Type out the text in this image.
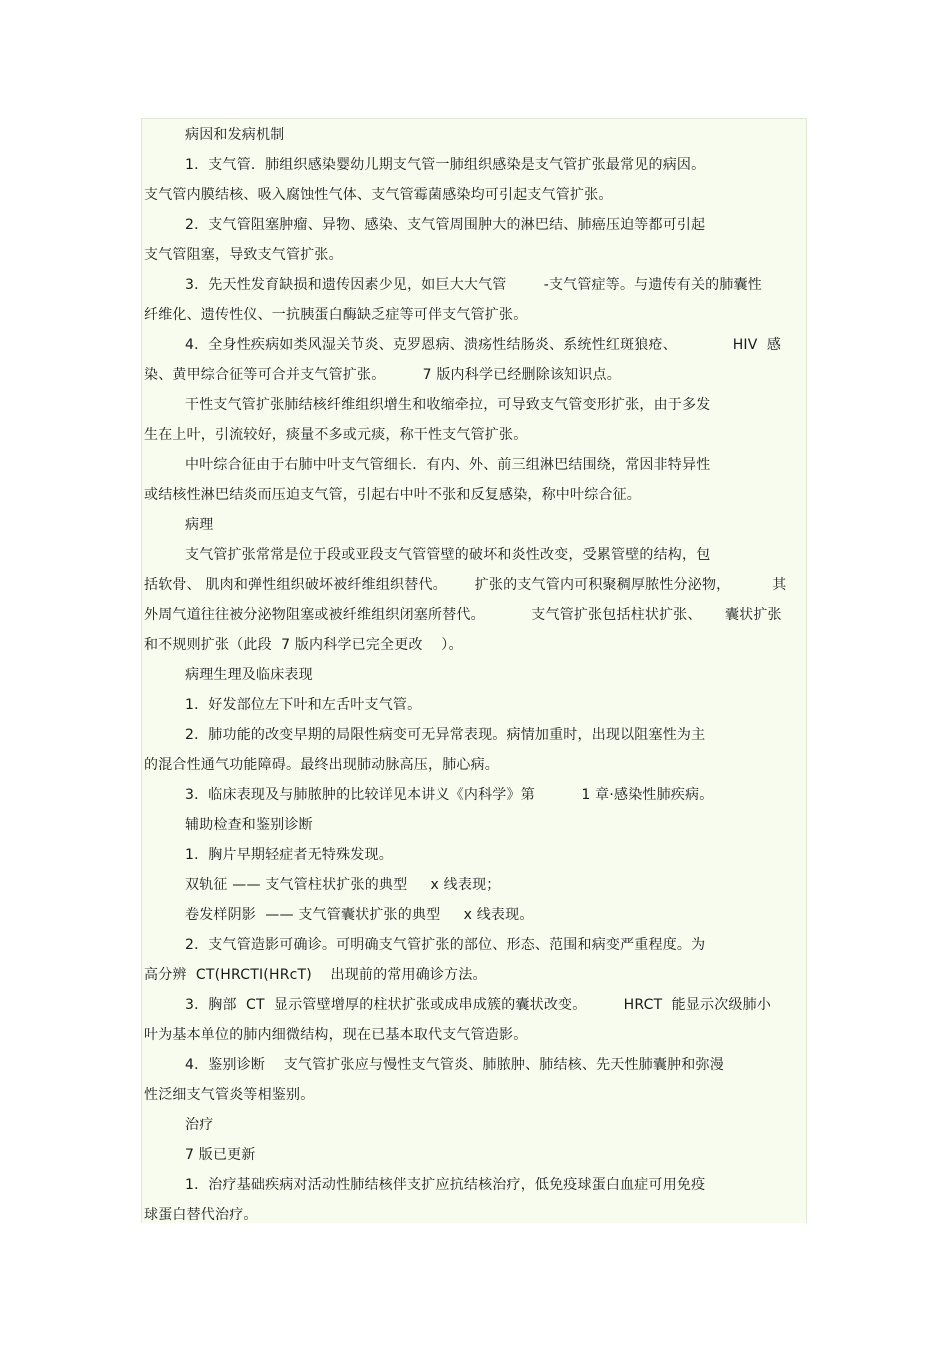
病因和发病机制
1．支气管．肺组织感染婴幼儿期支气管一肺组织感染是支气管扩张最常见的病因。
支气管内膜结核、吸入腐蚀性气体、支气管霉菌感染均可引起支气管扩张。
2．支气管阻塞肿瘤、异物、感染、支气管周围肿大的淋巴结、肺癌压迫等都可引起
支气管阻塞，导致支气管扩张。
3．先天性发育缺损和遗传因素少见，如巨大大气管        -支气管症等。与遗传有关的肺囊性
纤维化、遗传性仪、一抗胰蛋白酶缺乏症等可伴支气管扩张。
4．全身性疾病如类风湿关节炎、克罗恩病、溃疡性结肠炎、系统性红斑狼疮、            HIV  感
染、黄甲综合征等可合并支气管扩张。        7 版内科学已经删除该知识点。
干性支气管扩张肺结核纤维组织增生和收缩牵拉，可导致支气管变形扩张，由于多发
生在上叶，引流较好，痰量不多或元痰，称干性支气管扩张。
中叶综合征由于右肺中叶支气管细长．有内、外、前三组淋巴结围绕，常因非特异性
或结核性淋巴结炎而压迫支气管，引起右中叶不张和反复感染，称中叶综合征。
病理
支气管扩张常常是位于段或亚段支气管管壁的破坏和炎性改变，受累管壁的结构，包
括软骨、 肌肉和弹性组织破坏被纤维组织替代。      扩张的支气管内可积聚稠厚脓性分泌物，         其
外周气道往往被分泌物阻塞或被纤维组织闭塞所替代。          支气管扩张包括柱状扩张、     囊状扩张
和不规则扩张（此段  7 版内科学已完全更改    ）。
病理生理及临床表现
1．好发部位左下叶和左舌叶支气管。
2．肺功能的改变早期的局限性病变可无异常表现。病情加重时，出现以阻塞性为主
的混合性通气功能障碍。最终出现肺动脉高压，肺心病。
3．临床表现及与肺脓肿的比较详见本讲义《内科学》第          1 章·感染性肺疾病。
辅助检查和鉴别诊断
1．胸片早期轻症者无特殊发现。
双轨征 —— 支气管柱状扩张的典型     x 线表现；
卷发样阴影  —— 支气管囊状扩张的典型     x 线表现。
2．支气管造影可确诊。可明确支气管扩张的部位、形态、范围和病变严重程度。为
高分辨  CT(HRCTI(HRcT)    出现前的常用确诊方法。
3．胸部  CT  显示管壁增厚的柱状扩张或成串成簇的囊状改变。        HRCT  能显示次级肺小
叶为基本单位的肺内细微结构，现在已基本取代支气管造影。
4．鉴别诊断    支气管扩张应与慢性支气管炎、肺脓肿、肺结核、先天性肺囊肿和弥漫
性泛细支气管炎等相鉴别。
治疗
7 版已更新
1．治疗基础疾病对活动性肺结核伴支扩应抗结核治疗，低免疫球蛋白血症可用免疫
球蛋白替代治疗。
